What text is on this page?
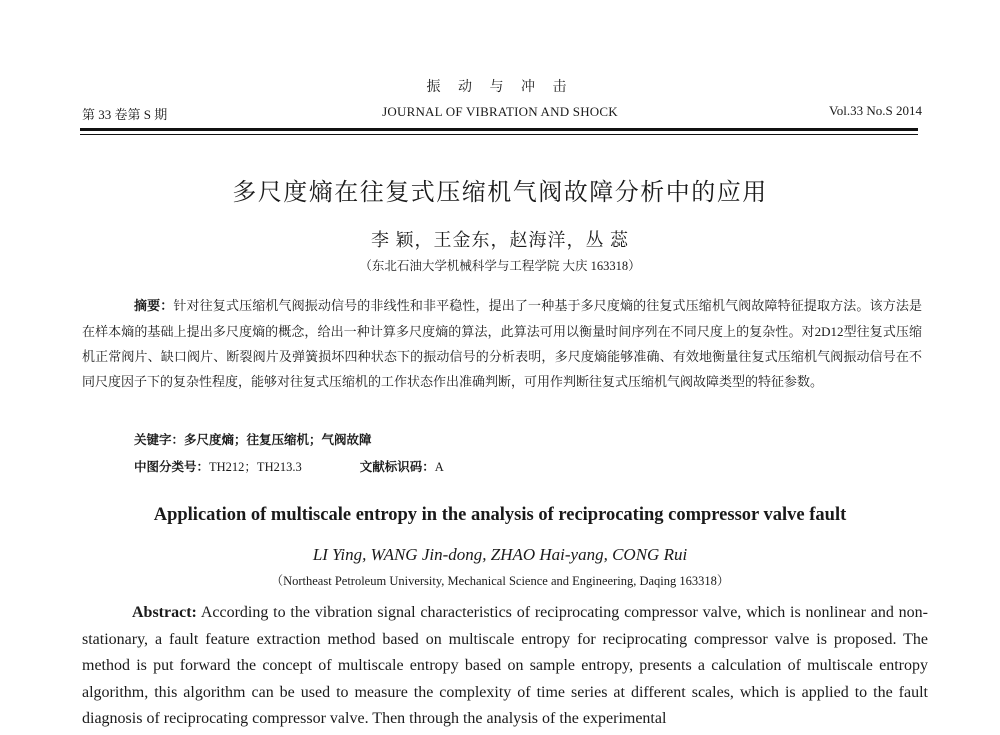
振 动 与 冲 击
第 33 卷第 S 期	JOURNAL OF VIBRATION AND SHOCK	Vol.33 No.S 2014
多尺度熵在往复式压缩机气阀故障分析中的应用
李 颖，王金东，赵海洋，丛 蕊
（东北石油大学机械科学与工程学院 大庆 163318）
摘要：针对往复式压缩机气阀振动信号的非线性和非平稳性，提出了一种基于多尺度熵的往复式压缩机气阀故障特征提取方法。该方法是在样本熵的基础上提出多尺度熵的概念，给出一种计算多尺度熵的算法，此算法可用以衡量时间序列在不同尺度上的复杂性。对2D12型往复式压缩机正常阀片、缺口阀片、断裂阀片及弹簧损坏四种状态下的振动信号的分析表明，多尺度熵能够准确、有效地衡量往复式压缩机气阀振动信号在不同尺度因子下的复杂性程度，能够对往复式压缩机的工作状态作出准确判断，可用作判断往复式压缩机气阀故障类型的特征参数。
关键字：多尺度熵；往复压缩机；气阀故障
中图分类号：TH212；TH213.3	文献标识码：A
Application of multiscale entropy in the analysis of reciprocating compressor valve fault
LI Ying, WANG Jin-dong, ZHAO Hai-yang, CONG Rui
（Northeast Petroleum University, Mechanical Science and Engineering, Daqing 163318）
Abstract: According to the vibration signal characteristics of reciprocating compressor valve, which is nonlinear and non-stationary, a fault feature extraction method based on multiscale entropy for reciprocating compressor valve is proposed. The method is put forward the concept of multiscale entropy based on sample entropy, presents a calculation of multiscale entropy algorithm, this algorithm can be used to measure the complexity of time series at different scales, which is applied to the fault diagnosis of reciprocating compressor valve. Then through the analysis of the experimental
